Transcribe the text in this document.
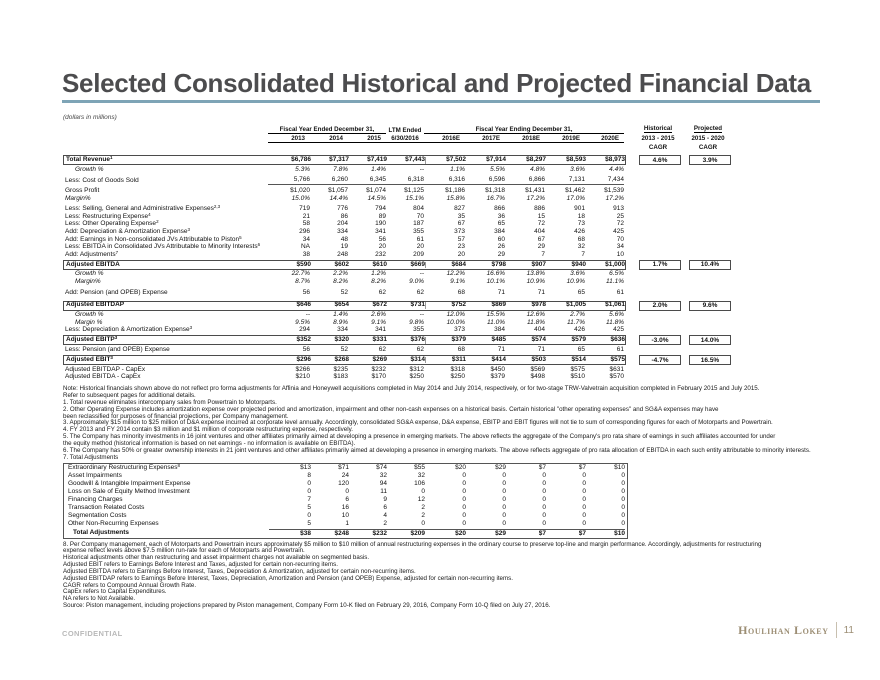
Selected Consolidated Historical and Projected Financial Data
(dollars in millions)
Fiscal Year Ended December 31,	LTM Ended	Fiscal Year Ending December 31,	Historical	Projected
2013	2014	2015	6/30/2016	2016E	2017E	2018E	2019E	2020E	2013 - 2015	2015 - 2020
CAGR	CAGR
Total Revenue$^1$	$6,786	$7,317	$7,419	$7,443	$7,502	$7,914	$8,297	$8,593	$8,973	4.6%	3.9%
Growth %	5.3%	7.8%	1.4%	--	1.1%	5.5%	4.8%	3.6%	4.4%
Less: Cost of Goods Sold	5,766	6,260	6,345	6,318	6,316	6,596	6,866	7,131	7,434
Gross Profit	$1,020	$1,057	$1,074	$1,125	$1,186	$1,318	$1,431	$1,462	$1,539
Margin%	15.0%	14.4%	14.5%	15.1%	15.8%	16.7%	17.2%	17.0%	17.2%
Less: Selling, General and Administrative Expenses$^{2,3}$	719	776	794	804	827	866	886	901	913
Less: Restructuring Expense$^4$	21	86	89	70	35	36	15	18	25
Less: Other Operating Expense$^2$	58	204	190	187	67	65	72	73	72
Add: Depreciation & Amortization Expense$^3$	296	334	341	355	373	384	404	426	425
Add: Earnings in Non-consolidated JVs Attributable to Piston$^5$	34	48	56	61	57	60	67	68	70
Less: EBITDA in Consolidated JVs Attributable to Minority Interests$^6$	NA	19	20	20	23	26	29	32	34
Add: Adjustments$^7$	38	248	232	209	20	29	7	7	10
Adjusted EBITDA	$590	$602	$610	$669	$684	$798	$907	$940	$1,000	1.7%	10.4%
Growth %	22.7%	2.2%	1.2%	--	12.2%	16.6%	13.8%	3.6%	6.5%
Margin%	8.7%	8.2%	8.2%	9.0%	9.1%	10.1%	10.9%	10.9%	11.1%
Add: Pension (and OPEB) Expense	56	52	62	62	68	71	71	65	61
Adjusted EBITDAP	$646	$654	$672	$731	$752	$869	$978	$1,005	$1,061	2.0%	9.6%
Growth %	--	1.4%	2.6%	--	12.0%	15.5%	12.6%	2.7%	5.6%
Margin %	9.5%	8.9%	9.1%	9.8%	10.0%	11.0%	11.8%	11.7%	11.8%
Less: Depreciation & Amortization Expense$^3$	294	334	341	355	373	384	404	426	425
Adjusted EBITP$^3$	$352	$320	$331	$376	$379	$485	$574	$579	$636	-3.0%	14.0%
Less: Pension (and OPEB) Expense	56	52	62	62	68	71	71	65	61
Adjusted EBIT$^3$	$296	$268	$269	$314	$311	$414	$503	$514	$575	-4.7%	16.5%
Adjusted EBITDAP - CapEx	$266	$235	$232	$312	$318	$450	$569	$575	$631
Adjusted EBITDA - CapEx	$210	$183	$170	$250	$250	$379	$498	$510	$570
Note: Historical financials shown above do not reflect pro forma adjustments for Affinia and Honeywell acquisitions completed in May 2014 and July 2014, respectively, or for two-stage TRW-Valvetrain acquisition completed in February 2015 and July 2015.
Refer to subsequent pages for additional details.
1. Total revenue eliminates intercompany sales from Powertrain to Motorparts.
2. Other Operating Expense includes amortization expense over projected period and amortization, impairment and other non-cash expenses on a historical basis. Certain historical "other operating expenses" and SG&A expenses may have
been reclassified for purposes of financial projections, per Company management.
3. Approximately $15 million to $25 million of D&A expense incurred at corporate level annually. Accordingly, consolidated SG&A expense, D&A expense, EBITP and EBIT figures will not tie to sum of corresponding figures for each of Motorparts and Powertrain.
4. FY 2013 and FY 2014 contain $3 million and $1 million of corporate restructuring expense, respectively.
5. The Company has minority investments in 16 joint ventures and other affiliates primarily aimed at developing a presence in emerging markets. The above reflects the aggregate of the Company's pro rata share of earnings in such affiliates accounted for under
the equity method (historical information is based on net earnings - no information is available on EBITDA).
6. The Company has 50% or greater ownership interests in 21 joint ventures and other affiliates primarily aimed at developing a presence in emerging markets. The above reflects aggregate of pro rata allocation of EBITDA in each such entity attributable to minority interests.
7. Total Adjustments
Extraordinary Restructuring Expenses$^8$	$13	$71	$74	$55	$20	$29	$7	$7	$10
Asset Impairments	8	24	32	32	0	0	0	0	0
Goodwill & Intangible Impairment Expense	0	120	94	106	0	0	0	0	0
Loss on Sale of Equity Method Investment	0	0	11	0	0	0	0	0	0
Financing Charges	7	6	9	12	0	0	0	0	0
Transaction Related Costs	5	16	6	2	0	0	0	0	0
Segmentation Costs	0	10	4	2	0	0	0	0	0
Other Non-Recurring Expenses	5	1	2	0	0	0	0	0	0
Total Adjustments	$38	$248	$232	$209	$20	$29	$7	$7	$10
8. Per Company management, each of Motorparts and Powertrain incurs approximately $5 million to $10 million of annual restructuring expenses in the ordinary course to preserve top-line and margin performance. Accordingly, adjustments for restructuring
expense reflect levels above $7.5 million run-rate for each of Motorparts and Powertrain.
Historical adjustments other than restructuring and asset impairment charges not available on segmented basis.
Adjusted EBIT refers to Earnings Before Interest and Taxes, adjusted for certain non-recurring items.
Adjusted EBITDA refers to Earnings Before Interest, Taxes, Depreciation & Amortization, adjusted for certain non-recurring items.
Adjusted EBITDAP refers to Earnings Before Interest, Taxes, Depreciation, Amortization and Pension (and OPEB) Expense, adjusted for certain non-recurring items.
CAGR refers to Compound Annual Growth Rate.
CapEx refers to Capital Expenditures.
NA refers to Not Available.
Source: Piston management, including projections prepared by Piston management, Company Form 10-K filed on February 29, 2016, Company Form 10-Q filed on July 27, 2016.
CONFIDENTIAL	Houlihan Lokey 11
